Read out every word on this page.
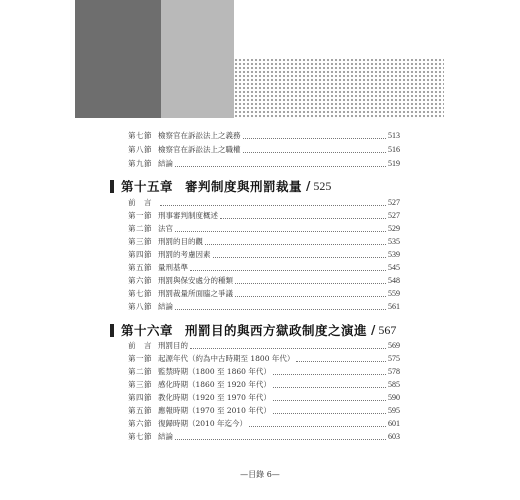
第七節 檢察官在訴訟法上之義務	513
第八節 檢察官在訴訟法上之職權	516
第九節 結論	519
第十五章 審判制度與刑罰裁量 / 525
前　言	527
第一節 刑事審判制度概述	527
第二節 法官	529
第三節 刑罰的目的觀	535
第四節 刑罰的考慮因素	539
第五節 量刑基準	545
第六節 刑罰與保安處分的種類	548
第七節 刑罰裁量所面臨之爭議	559
第八節 結論	561
第十六章 刑罰目的與西方獄政制度之演進 / 567
前　言 刑罰目的	569
第一節 起源年代（約為中古時期至 1800 年代）	575
第二節 監禁時期（1800 至 1860 年代）	578
第三節 感化時期（1860 至 1920 年代）	585
第四節 教化時期（1920 至 1970 年代）	590
第五節 應報時期（1970 至 2010 年代）	595
第六節 復歸時期（2010 年迄今）	601
第七節 結論	603
—目錄 6—
